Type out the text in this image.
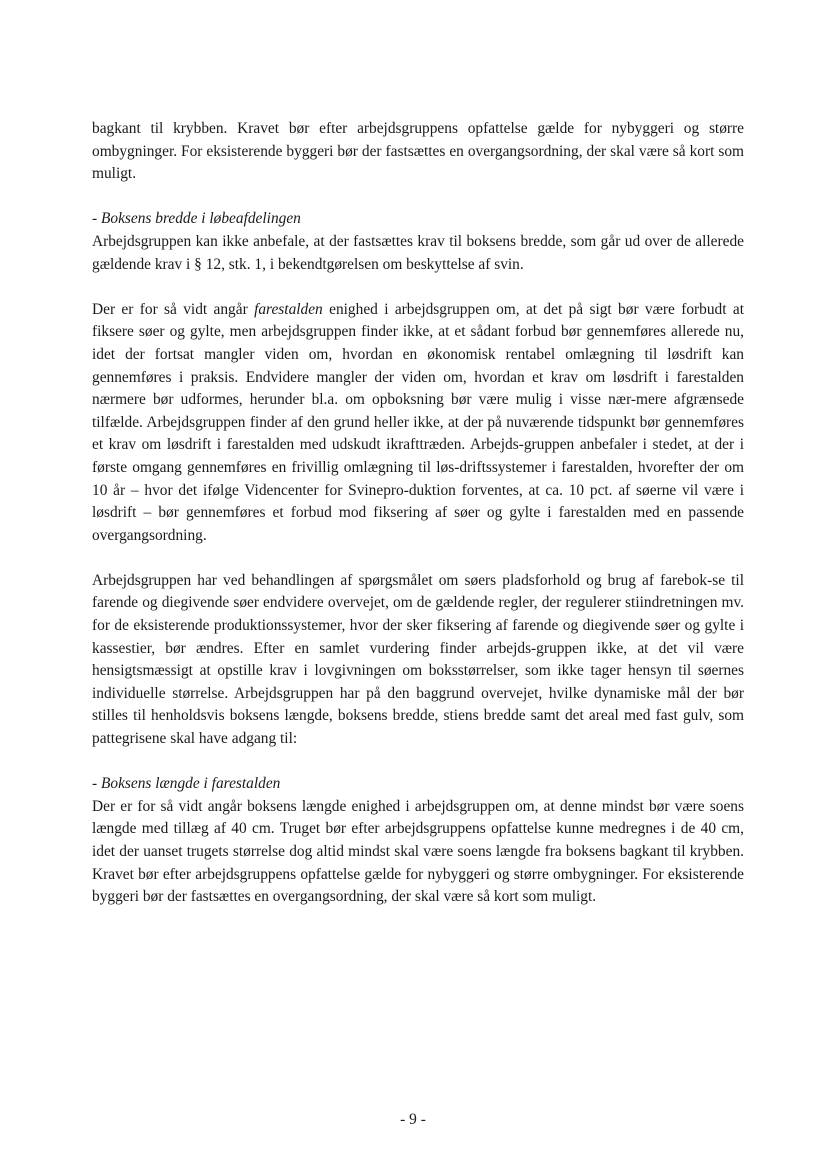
bagkant til krybben. Kravet bør efter arbejdsgruppens opfattelse gælde for nybyggeri og større ombygninger. For eksisterende byggeri bør der fastsættes en overgangsordning, der skal være så kort som muligt.

- Boksens bredde i løbeafdelingen

Arbejdsgruppen kan ikke anbefale, at der fastsættes krav til boksens bredde, som går ud over de allerede gældende krav i § 12, stk. 1, i bekendtgørelsen om beskyttelse af svin.

Der er for så vidt angår farestalden enighed i arbejdsgruppen om, at det på sigt bør være forbudt at fiksere søer og gylte, men arbejdsgruppen finder ikke, at et sådant forbud bør gennemføres allerede nu, idet der fortsat mangler viden om, hvordan en økonomisk rentabel omlægning til løsdrift kan gennemføres i praksis. Endvidere mangler der viden om, hvordan et krav om løsdrift i farestalden nærmere bør udformes, herunder bl.a. om opboksning bør være mulig i visse nær-mere afgrænsede tilfælde. Arbejdsgruppen finder af den grund heller ikke, at der på nuværende tidspunkt bør gennemføres et krav om løsdrift i farestalden med udskudt ikrafttræden. Arbejds-gruppen anbefaler i stedet, at der i første omgang gennemføres en frivillig omlægning til løs-driftssystemer i farestalden, hvorefter der om 10 år – hvor det ifølge Videncenter for Svinepro-duktion forventes, at ca. 10 pct. af søerne vil være i løsdrift – bør gennemføres et forbud mod fiksering af søer og gylte i farestalden med en passende overgangsordning.

Arbejdsgruppen har ved behandlingen af spørgsmålet om søers pladsforhold og brug af farebok-se til farende og diegivende søer endvidere overvejet, om de gældende regler, der regulerer stiindretningen mv. for de eksisterende produktionssystemer, hvor der sker fiksering af farende og diegivende søer og gylte i kassestier, bør ændres. Efter en samlet vurdering finder arbejds-gruppen ikke, at det vil være hensigtsmæssigt at opstille krav i lovgivningen om boksstørrelser, som ikke tager hensyn til søernes individuelle størrelse. Arbejdsgruppen har på den baggrund overvejet, hvilke dynamiske mål der bør stilles til henholdsvis boksens længde, boksens bredde, stiens bredde samt det areal med fast gulv, som pattegrisene skal have adgang til:

- Boksens længde i farestalden

Der er for så vidt angår boksens længde enighed i arbejdsgruppen om, at denne mindst bør være soens længde med tillæg af 40 cm. Truget bør efter arbejdsgruppens opfattelse kunne medregnes i de 40 cm, idet der uanset trugets størrelse dog altid mindst skal være soens længde fra boksens bagkant til krybben. Kravet bør efter arbejdsgruppens opfattelse gælde for nybyggeri og større ombygninger. For eksisterende byggeri bør der fastsættes en overgangsordning, der skal være så kort som muligt.

- 9 -
